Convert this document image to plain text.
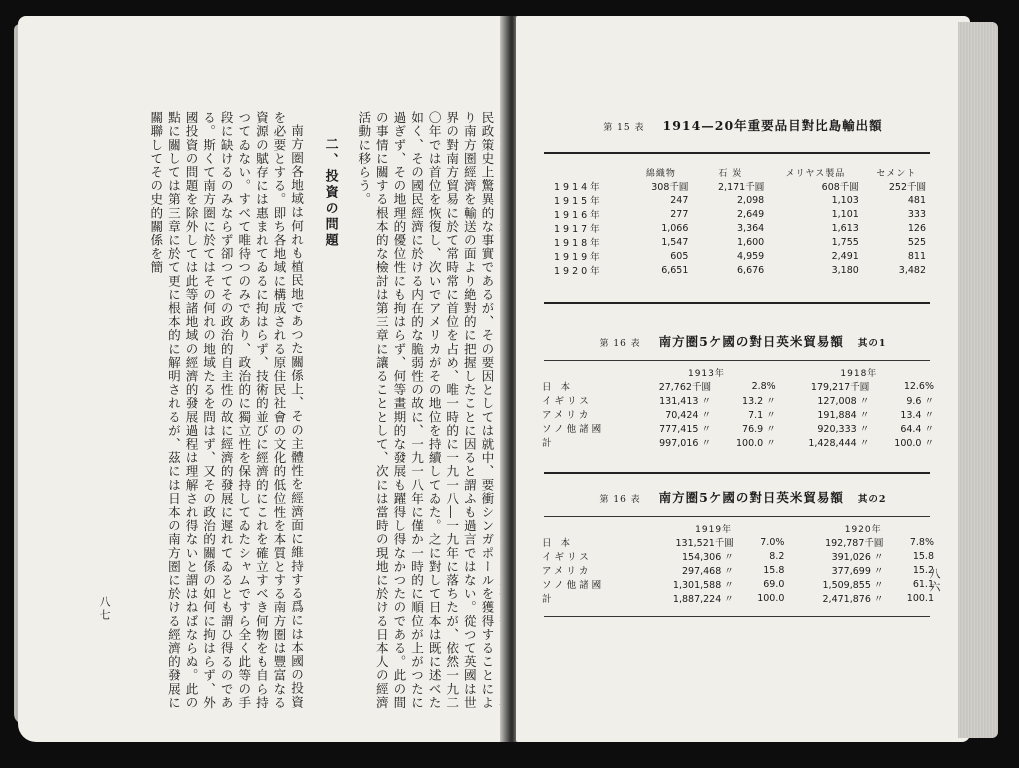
民政策史上驚異的な事實であるが、その要因としては就中、要衝シンガポールを獲得することにより南方圏經濟を輸送の面より絶對的に把握したことに因ると謂ふも過言ではない。從つて英國は世界の對南方貿易に於て常時常に首位を占め、唯一時的に一九一八―一九年に落ちたが、依然一九二〇年では首位を恢復し、次いでアメリカがその地位を持續してゐた。之に對して日本は既に述べた如く、その國民經濟に於ける内在的な脆弱性の故に、一九一八年に僅か一時的に順位が上がつたに過ぎず、その地理的優位性にも拘はらず、何等畫期的な發展も躍得し得なかつたのである。此の間の事情に關する根本的な檢討は第三章に讓ることとして、次には當時の現地に於ける日本人の經濟活動に移らう。

二、投資の問題

南方圏各地域は何れも植民地であつた關係上、その主體性を經濟面に維持する爲には本國の投資を必要とする。即ち各地域に構成される原住民社會の文化的低位性を本質とする南方圏は豐富なる資源の賦存には惠まれてゐるに拘はらず、技術的並びに經濟的にこれを確立すべき何物をも自ら持つてゐない。すべて唯待つのみであり、政治的に獨立性を保持してゐたシャムですら全く此等の手段に缺けるのみならず卻つてその政治的自主性の故に經濟的發展に遲れてゐるとも謂ひ得るのである。斯くて南方圏に於てはその何れの地域たるを問はず、又その政治的關係の如何に拘はらず、外國投資の問題を除外しては此等諸地域の經濟的發展過程は理解され得ないと謂はねばならぬ。此の點に關しては第三章に於て更に根本的に解明されるが、茲には日本の南方圏に於ける經濟的發展に關聯してその史的關係を簡

八七
第 15 表 1914—20年重要品目對比島輸出額
	綿織物	石 炭	メリヤス製品	セメント
1914年	308千圓	2,171千圓	608千圓	252千圓
1915年	247	2,098	1,103	481
1916年	277	2,649	1,101	333
1917年	1,066	3,364	1,613	126
1918年	1,547	1,600	1,755	525
1919年	605	4,959	2,491	811
1920年	6,651	6,676	3,180	3,482
第 16 表 南方圏5ケ國の對日英米貿易額 其の1
	1913年		1918年	
日 本	27,762千圓	2.8%	179,217千圓	12.6%
イギリス	131,413 〃	13.2 〃	127,008 〃	9.6 〃
アメリカ	70,424 〃	7.1 〃	191,884 〃	13.4 〃
ソノ他諸國	777,415 〃	76.9 〃	920,333 〃	64.4 〃
計	997,016 〃	100.0 〃	1,428,444 〃	100.0 〃
第 16 表 南方圏5ケ國の對日英米貿易額 其の2
	1919年		1920年	
日 本	131,521千圓	7.0%	192,787千圓	7.8%
イギリス	154,306 〃	8.2	391,026 〃	15.8
アメリカ	297,468 〃	15.8	377,699 〃	15.2
ソノ他諸國	1,301,588 〃	69.0	1,509,855 〃	61.1
計	1,887,224 〃	100.0	2,471,876 〃	100.1
八六
